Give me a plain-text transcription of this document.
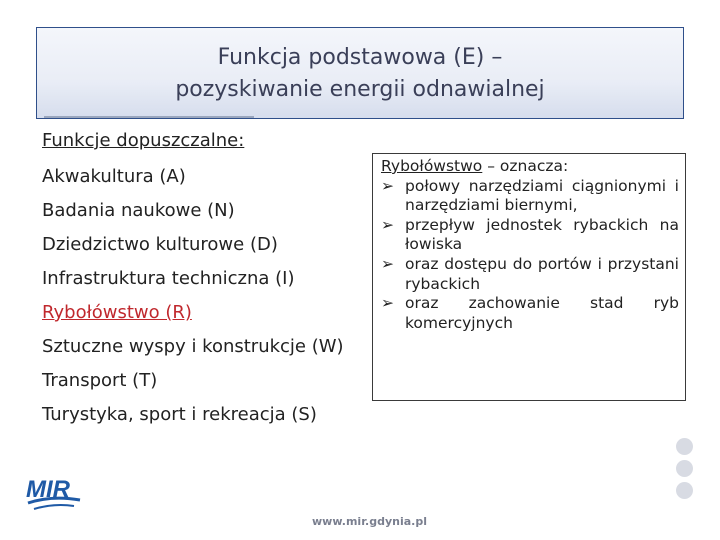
Funkcja podstawowa (E) –
pozyskiwanie energii odnawialnej
Funkcje dopuszczalne:
Akwakultura (A)
Badania naukowe (N)
Dziedzictwo kulturowe (D)
Infrastruktura techniczna (I)
Rybołówstwo (R)
Sztuczne wyspy i konstrukcje (W)
Transport (T)
Turystyka, sport i rekreacja (S)
Rybołówstwo – oznacza:
➢ połowy narzędziami ciągnionymi i narzędziami biernymi,
➢ przepływ jednostek rybackich na łowiska
➢ oraz dostępu do portów i przystani rybackich
➢ oraz zachowanie stad ryb komercyjnych
MIR
www.mir.gdynia.pl
